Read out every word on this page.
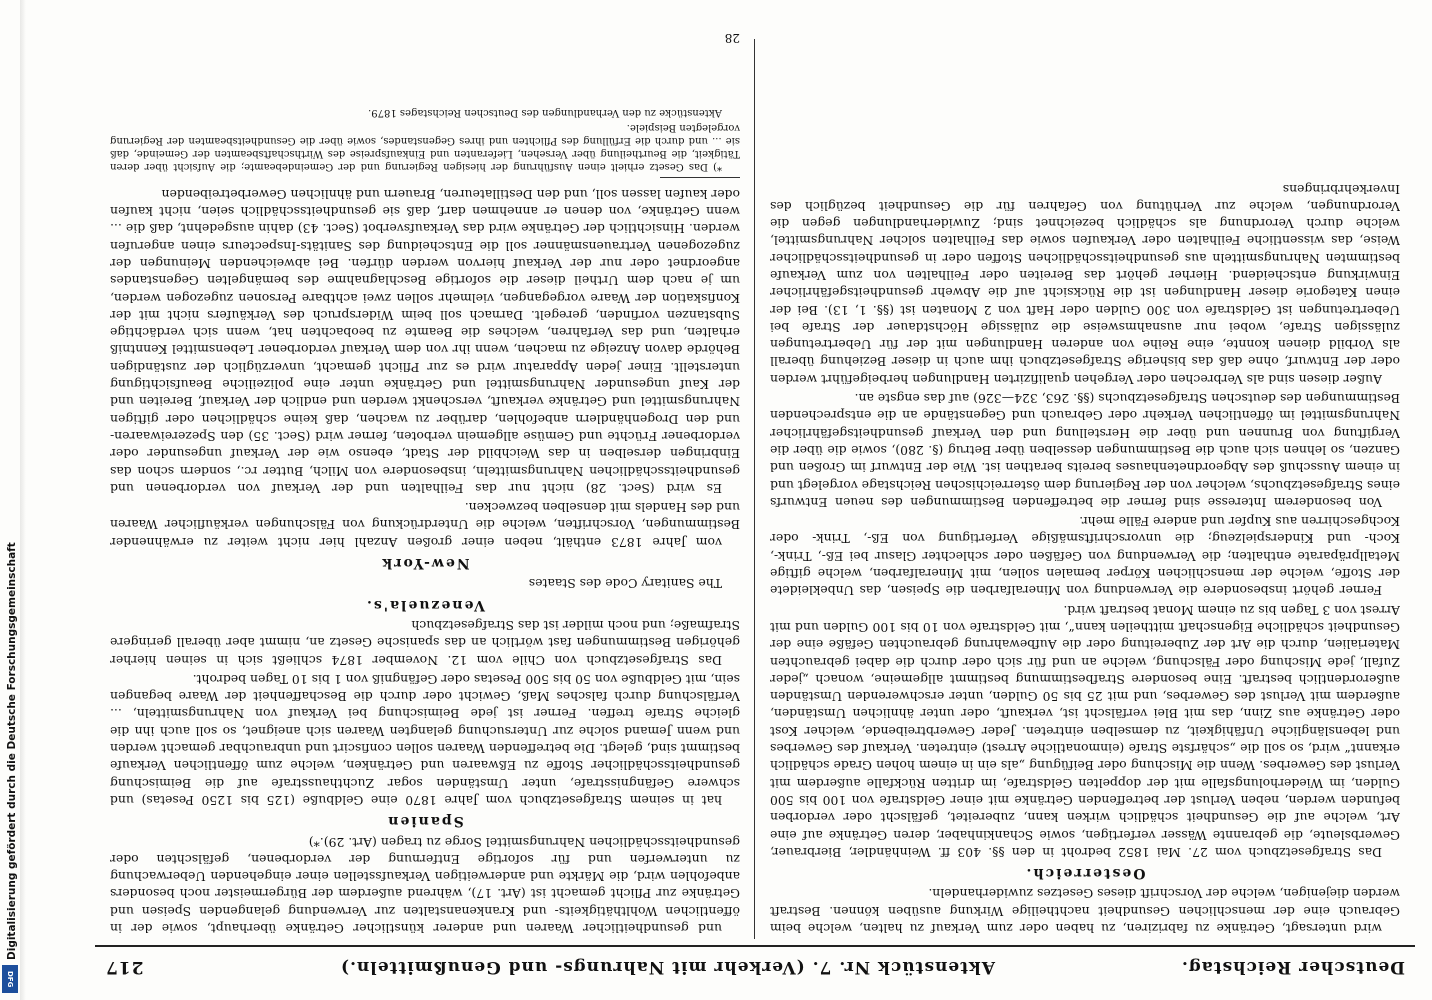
DFG
Digitalisierung gefördert durch die Deutsche Forschungsgemeinschaft
Deutscher Reichstag.
Aktenstück Nr. 7. (Verkehr mit Nahrungs- und Genußmitteln.)
217

wird untersagt, Getränke zu fabriziren, zu haben oder zum Verkauf zu halten, welche beim Gebrauch eine der menschlichen Gesundheit nachtheilige Wirkung ausüben können. Bestraft werden diejenigen, welche der Vorschrift dieses Gesetzes zuwiderhandeln.

Oesterreich.

Das Strafgesetzbuch vom 27. Mai 1852 bedroht in den §§. 403 ff. Weinhändler, Bierbrauer, Gewerbsleute, die gebrannte Wässer verfertigen, sowie Schankinhaber, deren Getränke auf eine Art, welche auf die Gesundheit schädlich wirken kann, zubereitet, gefälscht oder verdorben befunden werden, neben Verlust der betreffenden Getränke mit einer Geldstrafe von 100 bis 500 Gulden, im Wiederholungsfalle mit der doppelten Geldstrafe, im dritten Rückfalle außerdem mit Verlust des Gewerbes. Wenn die Mischung oder Beifügung „als ein in einem hohen Grade schädlich erkannt“ wird, so soll die „schärfste Strafe (einmonatliche Arrest) eintreten. Verkauf des Gewerbes und lebenslängliche Unfähigkeit, zu demselben eintreten. Jeder Gewerbtreibende, welcher Kost oder Getränke aus Zinn, das mit Blei verfälscht ist, verkauft, oder unter ähnlichen Umständen, außerdem mit Verlust des Gewerbes, und mit 25 bis 50 Gulden, unter erschwerenden Umständen außerordentlich bestraft. Eine besondere Strafbestimmung bestimmt allgemeine, wonach „jeder Zufall, jede Mischung oder Fälschung, welche an und für sich oder durch die dabei gebrauchten Materialien, durch die Art der Zubereitung oder die Aufbewahrung gebrauchten Gefäße eine der Gesundheit schädliche Eigenschaft mittheilen kann“, mit Geldstrafe von 10 bis 100 Gulden und mit Arrest von 3 Tagen bis zu einem Monat bestraft wird.

Ferner gehört insbesondere die Verwendung von Mineralfarben die Speisen, das Unbekleidete der Stoffe, welche der menschlichen Körper bemalen sollen, mit Mineralfarben, welche giftige Metallpräparate enthalten; die Verwendung von Gefäßen oder schlechter Glasur bei Eß-, Trink-, Koch- und Kinderspielzeug; die unvorschriftsmäßige Verfertigung von Eß-, Trink- oder Kochgeschirren aus Kupfer und andere Fälle mehr.

Von besonderem Interesse sind ferner die betreffenden Bestimmungen des neuen Entwurfs eines Strafgesetzbuchs, welcher von der Regierung dem österreichischen Reichstage vorgelegt und in einem Ausschuß des Abgeordnetenhauses bereits berathen ist. Wie der Entwurf im Großen und Ganzen, so lehnen sich auch die Bestimmungen desselben über Betrug (§. 280), sowie die über die Vergiftung von Brunnen und über die Herstellung und den Verkauf gesundheitsgefährlicher Nahrungsmittel im öffentlichen Verkehr oder Gebrauch und Gegenstände an die entsprechenden Bestimmungen des deutschen Strafgesetzbuchs (§§. 263, 324—326) auf das engste an.

Außer diesen sind als Verbrechen oder Vergehen qualifizirten Handlungen herbeigeführt werden oder der Entwurf, ohne daß das bisherige Strafgesetzbuch ihm auch in dieser Beziehung überall als Vorbild dienen konnte, eine Reihe von anderen Handlungen mit der für Uebertretungen zulässigen Strafe, wobei nur ausnahmsweise die zulässige Höchstdauer der Strafe bei Uebertretungen ist Geldstrafe von 300 Gulden oder Haft von 2 Monaten ist (§§. 1, 13). Bei der einen Kategorie dieser Handlungen ist die Rücksicht auf die Abwehr gesundheitsgefährlicher Einwirkung entscheidend. Hierher gehört das Bereiten oder Feilhalten von zum Verkaufe bestimmten Nahrungsmitteln aus gesundheitsschädlichen Stoffen oder in gesundheitsschädlicher Weise, das wissentliche Feilhalten oder Verkaufen sowie das Feilhalten solcher Nahrungsmittel, welche durch Verordnung als schädlich bezeichnet sind; Zuwiderhandlungen gegen die Verordnungen, welche zur Verhütung von Gefahren für die Gesundheit bezüglich des Inverkehrbringens

und gesundheitlicher Waaren und anderer künstlicher Getränke überhaupt, sowie der in öffentlichen Wohlthätigkeits- und Krankenanstalten zur Verwendung gelangenden Speisen und Getränke zur Pflicht gemacht ist (Art. 17), während außerdem der Bürgermeister noch besonders anbefohlen wird, die Märkte und anderweitigen Verkaufsstellen einer eingehenden Ueberwachung zu unterwerfen und für sofortige Entfernung der verdorbenen, gefälschten oder gesundheitsschädlichen Nahrungsmittel Sorge zu tragen (Art. 29).*)

Spanien

hat in seinem Strafgesetzbuch vom Jahre 1870 eine Geldbuße (125 bis 1250 Pesetas) und schwere Gefängnisstrafe, unter Umständen sogar Zuchthausstrafe auf die Beimischung gesundheitsschädlicher Stoffe zu Eßwaaren und Getränken, welche zum öffentlichen Verkaufe bestimmt sind, gelegt. Die betreffenden Waaren sollen confiscirt und unbrauchbar gemacht werden und wenn Jemand solche zur Untersuchung gelangten Waaren sich aneignet, so soll auch ihn die gleiche Strafe treffen. Ferner ist jede Beimischung bei Verkauf von Nahrungsmitteln, ... Verfälschung durch falsches Maß, Gewicht oder durch die Beschaffenheit der Waare begangen sein, mit Geldbuße von 50 bis 500 Pesetas oder Gefängniß von 1 bis 10 Tagen bedroht.

Das Strafgesetzbuch von Chile vom 12. November 1874 schließt sich in seinen hierher gehörigen Bestimmungen fast wörtlich an das spanische Gesetz an, nimmt aber überall geringere Strafmaße; und noch milder ist das Strafgesetzbuch

Venezuela's.

The Sanitary Code des Staates

New-York

vom Jahre 1873 enthält, neben einer großen Anzahl hier nicht weiter zu erwähnender Bestimmungen, Vorschriften, welche die Unterdrückung von Fälschungen verkäuflicher Waaren und des Handels mit denselben bezwecken.

Es wird (Sect. 28) nicht nur das Feilhalten und der Verkauf von verdorbenen und gesundheitsschädlichen Nahrungsmitteln, insbesondere von Milch, Butter rc., sondern schon das Einbringen derselben in das Weichbild der Stadt, ebenso wie der Verkauf ungesunder oder verdorbener Früchte und Gemüse allgemein verboten, ferner wird (Sect. 35) den Spezereiwaaren- und den Drogenhändlern anbefohlen, darüber zu wachen, daß keine schädlichen oder giftigen Nahrungsmittel und Getränke verkauft, verschenkt werden und endlich der Verkauf, Bereiten und der Kauf ungesunder Nahrungsmittel und Getränke unter eine polizeiliche Beaufsichtigung unterstellt. Einer jeden Apparatur wird es zur Pflicht gemacht, unverzüglich der zuständigen Behörde davon Anzeige zu machen, wenn ihr von dem Verkauf verdorbener Lebensmittel Kenntniß erhalten, und das Verfahren, welches die Beamte zu beobachten hat, wenn sich verdächtige Substanzen vorfinden, geregelt. Darnach soll beim Widerspruch des Verkäufers nicht mit der Konfiskation der Waare vorgegangen, vielmehr sollen zwei achtbare Personen zugezogen werden, um je nach dem Urtheil dieser die sofortige Beschlagnahme des bemängelten Gegenstandes angeordnet oder nur der Verkauf hiervon werden dürfen. Bei abweichenden Meinungen der zugezogenen Vertrauensmänner soll die Entscheidung des Sanitäts-Inspecteurs einen angerufen werden. Hinsichtlich der Getränke wird das Verkaufsverbot (Sect. 43) dahin ausgedehnt, daß die ... wenn Getränke, von denen er annehmen darf, daß sie gesundheitsschädlich seien, nicht kaufen oder kaufen lassen soll, und den Destillateuren, Brauern und ähnlichen Gewerbetreibenden

*) Das Gesetz erhielt einen Ausführung der hiesigen Regierung und der Gemeindebeamte; die Aufsicht über deren Tätigkeit, die Beurtheilung über Versehen, Lieferanten und Einkaufspreise des Wirthschaftsbeamten der Gemeinde, daß sie ... und durch die Erfüllung des Pflichten und ihres Gegenstandes, sowie über die Gesundheitsbeamten der Regierung vorgelegten Beispiele.

Aktenstücke zu den Verhandlungen des Deutschen Reichstages 1879.

28
